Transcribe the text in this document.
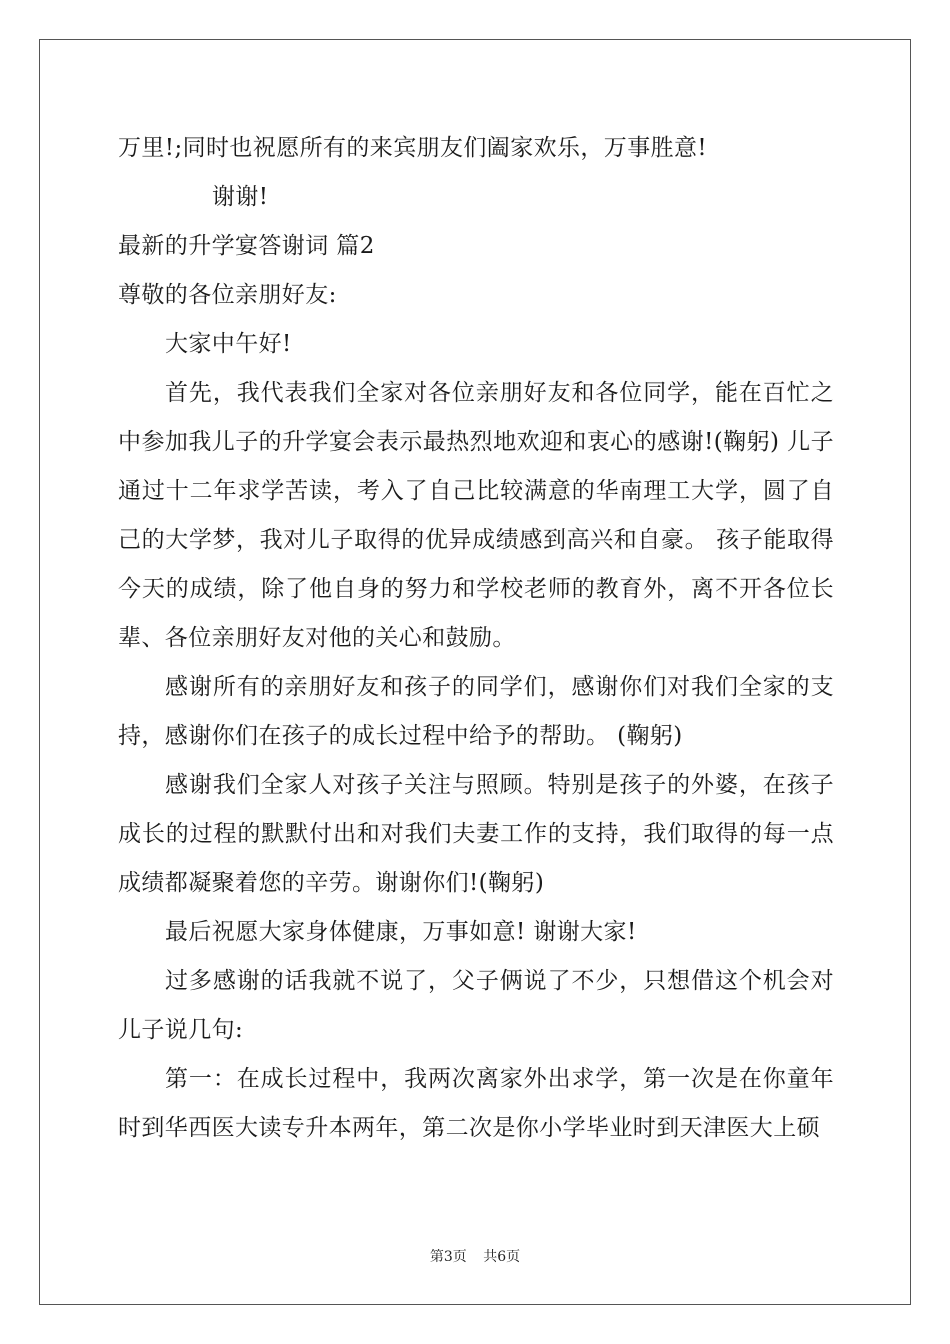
万里!;同时也祝愿所有的来宾朋友们阖家欢乐，万事胜意!
谢谢!
最新的升学宴答谢词 篇2
尊敬的各位亲朋好友:
大家中午好!

首先，我代表我们全家对各位亲朋好友和各位同学，能在百忙之中参加我儿子的升学宴会表示最热烈地欢迎和衷心的感谢!(鞠躬) 儿子通过十二年求学苦读，考入了自己比较满意的华南理工大学，圆了自己的大学梦，我对儿子取得的优异成绩感到高兴和自豪。 孩子能取得今天的成绩，除了他自身的努力和学校老师的教育外，离不开各位长辈、各位亲朋好友对他的关心和鼓励。

感谢所有的亲朋好友和孩子的同学们，感谢你们对我们全家的支持，感谢你们在孩子的成长过程中给予的帮助。 (鞠躬)

感谢我们全家人对孩子关注与照顾。特别是孩子的外婆，在孩子成长的过程的默默付出和对我们夫妻工作的支持，我们取得的每一点成绩都凝聚着您的辛劳。谢谢你们!(鞠躬)

最后祝愿大家身体健康，万事如意! 谢谢大家!

过多感谢的话我就不说了，父子俩说了不少，只想借这个机会对儿子说几句:

第一：在成长过程中，我两次离家外出求学，第一次是在你童年时到华西医大读专升本两年，第二次是你小学毕业时到天津医大上硕

第3页 共6页
